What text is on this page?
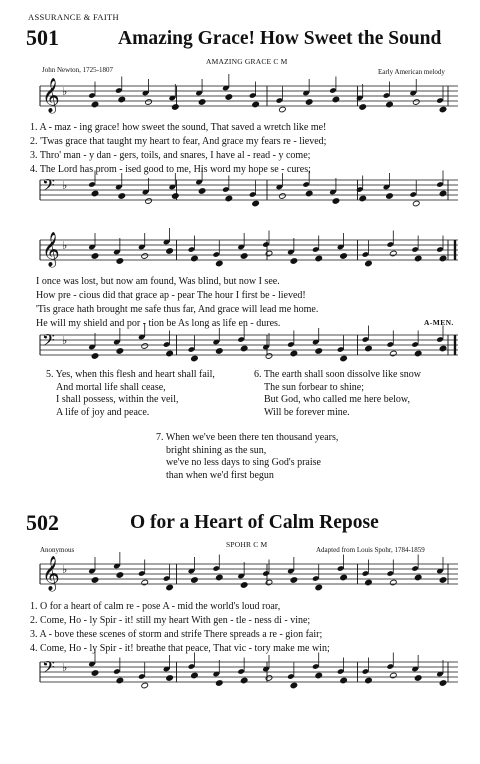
ASSURANCE & FAITH
501	Amazing Grace! How Sweet the Sound
AMAZING GRACE C M
John Newton, 1725-1807	Early American melody
𝄞 ♭
1. A - maz - ing grace! how sweet the sound, That saved a wretch like me!
2. 'Twas grace that taught my heart to fear, And grace my fears re - lieved;
3. Thro' man - y dan - gers, toils, and snares, I have al - read - y come;
4. The Lord has prom - ised good to me, His word my hope se - cures;
𝄢 ♭
𝄞 ♭
I once was lost, but now am found, Was blind, but now I see.
How pre - cious did that grace ap - pear The hour I first be - lieved!
'Tis grace hath brought me safe thus far, And grace will lead me home.
He will my shield and por - tion be As long as life en - dures.	A-MEN.
𝄢 ♭
5. Yes, when this flesh and heart shall fail,
And mortal life shall cease,
I shall possess, within the veil,
A life of joy and peace.
6. The earth shall soon dissolve like snow
The sun forbear to shine;
But God, who called me here below,
Will be forever mine.
7. When we've been there ten thousand years,
bright shining as the sun,
we've no less days to sing God's praise
than when we'd first begun
502	O for a Heart of Calm Repose
SPOHR C M
Anonymous	Adapted from Louis Spohr, 1784-1859
𝄞 ♭
1. O for a heart of calm re - pose A - mid the world's loud roar,
2. Come, Ho - ly Spir - it! still my heart With gen - tle - ness di - vine;
3. A - bove these scenes of storm and strife There spreads a re - gion fair;
4. Come, Ho - ly Spir - it! breathe that peace, That vic - tory make me win;
𝄢 ♭
